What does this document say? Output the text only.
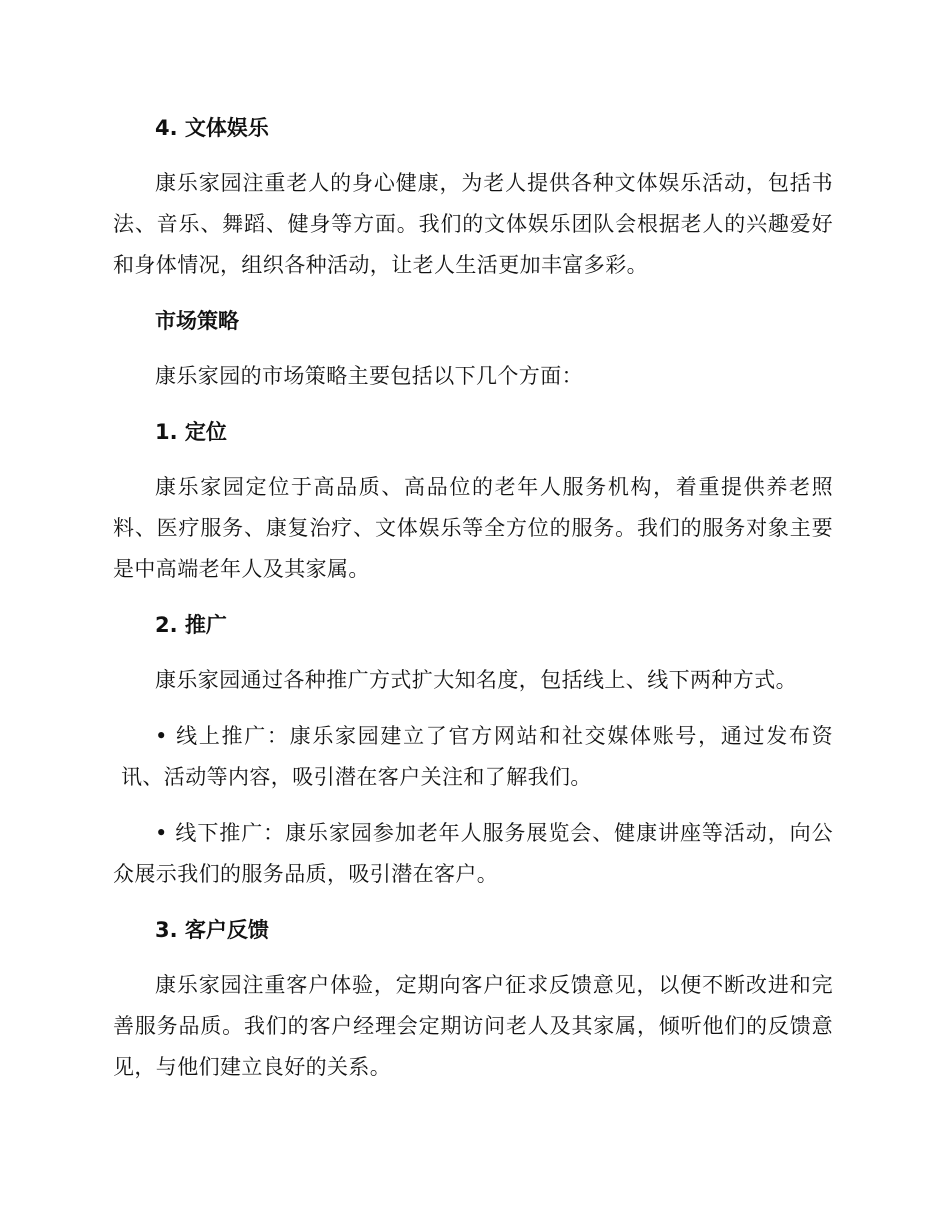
4. 文体娱乐
康乐家园注重老人的身心健康，为老人提供各种文体娱乐活动，包括书法、音乐、舞蹈、健身等方面。我们的文体娱乐团队会根据老人的兴趣爱好和身体情况，组织各种活动，让老人生活更加丰富多彩。
市场策略
康乐家园的市场策略主要包括以下几个方面：
1. 定位
康乐家园定位于高品质、高品位的老年人服务机构，着重提供养老照料、医疗服务、康复治疗、文体娱乐等全方位的服务。我们的服务对象主要是中高端老年人及其家属。
2. 推广
康乐家园通过各种推广方式扩大知名度，包括线上、线下两种方式。
• 线上推广：康乐家园建立了官方网站和社交媒体账号，通过发布资讯、活动等内容，吸引潜在客户关注和了解我们。
• 线下推广：康乐家园参加老年人服务展览会、健康讲座等活动，向公众展示我们的服务品质，吸引潜在客户。
3. 客户反馈
康乐家园注重客户体验，定期向客户征求反馈意见，以便不断改进和完善服务品质。我们的客户经理会定期访问老人及其家属，倾听他们的反馈意见，与他们建立良好的关系。
